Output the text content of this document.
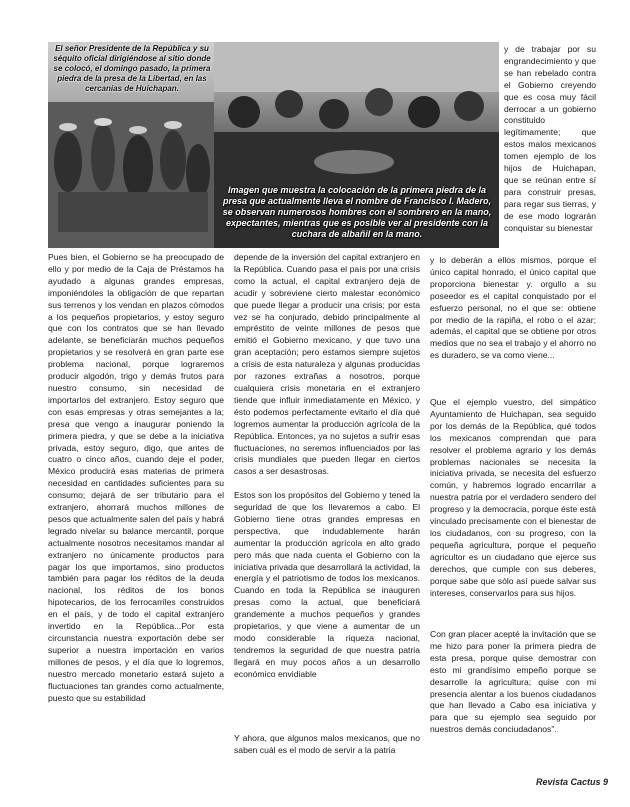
El señor Presidente de la República y su séquito oficial dirigiéndose al sitio donde se colocó, el domingo pasado, la primera piedra de la presa de la Libertad, en las cercanías de Huichapan.
Imagen que muestra la colocación de la primera piedra de la presa que actualmente lleva el nombre de Francisco I. Madero, se observan numerosos hombres con el sombrero en la mano, expectantes, mientras que es posible ver al presidente con la cuchara de albañil en la mano.

Pues bien, el Gobierno se ha preocupado de ello y por medio de la Caja de Préstamos ha ayudado a algunas grandes empresas, imponiéndoles la obligación de que repartan sus terrenos y los vendan en plazos cómodos a los pequeños propietarios, y estoy seguro que con los contratos que se han llevado adelante, se beneficiarán muchos pequeños propietarios y se resolverá en gran parte ese problema nacional, porque lograremos producir algodón, trigo y demás frutos para nuestro consumo, sin necesidad de importarlos del extranjero. Estoy seguro que con esas empresas y otras semejantes a la; presa que vengo a inaugurar poniendo la primera piedra, y que se debe a la iniciativa privada, estoy seguro, digo, que antes de cuatro o cinco años, cuando deje el poder, México producirá esas materias de primera necesidad en cantidades suficientes para su consumo; dejará de ser tributario para el extranjero, ahorrará muchos millones de pesos que actualmente salen del país y habrá legrado nivelar su balance mercantil, porque actualmente nosotros necesitamos mandar al extranjero no únicamente productos para pagar los que importamos, sino productos también para pagar los réditos de la deuda nacional, los réditos de los bonos hipotecarios, de los ferrocarriles construidos en el país, y de todo el capital extranjero invertido en la República...Por esta circunstancia nuestra exportación debe ser superior a nuestra importación en varios millones de pesos, y el día que lo logremos, nuestro mercado monetario estará sujeto a fluctuaciones tan grandes como actualmente, puesto que su estabilidad

depende de la inversión del capital extranjero en la República. Cuando pasa el país por una crisis como la actual, el capital extranjero deja de acudir y sobreviene cierto malestar económico que puede llegar a producir una crisis; por esta vez se ha conjurado, debido principalmente al empréstito de veinte millones de pesos que emitió el Gobierno mexicano, y que tuvo una gran aceptación; pero estamos siempre sujetos a crisis de esta naturaleza y algunas producidas por razones extrañas a nosotros, porque cualquiera crisis monetaria en el extranjero tiende que influir inmediatamente en México, y ésto podemos perfectamente evitarlo el día qué logremos aumentar la producción agrícola de la República. Entonces, ya no sujetos a sufrir esas fluctuaciones, no seremos influenciados por las crisis mundiales que pueden llegar en ciertos casos a ser desastrosas.

Estos son los propósitos del Gobierno y tened la seguridad de que los llevaremos a cabo. El Gobierno tiene otras grandes empresas en perspectiva, que indudablemente harán aumentar la producción agrícola en alto grado pero más que nada cuenta el Gobierno con la iniciativa privada que desarrollará la actividad, la energía y el patriotismo de todos los mexicanos. Cuando en toda la República se inauguren presas como la actual, que beneficiará grandemente a muchos pequeños y grandes propietarios, y que viene a aumentar de un modo considerable la riqueza nacional, tendremos la seguridad de que nuestra patria llegará en muy pocos años a un desarrollo económico envidiable

Y ahora, que algunos malos mexicanos, que no saben cuál es el modo de servir a la patria

y de trabajar por su engrandecimiento y que se han rebelado contra el Gobierno creyendo que es cosa muy fácil derrocar a un gobierno constituido legítimamente; que estos malos mexicanos tomen ejemplo de los hijos de Huichapan, que se reúnan entre sí para construir presas, para regar sus tierras, y de ese modo lograrán conquistar su bienestar

y lo deberán a ellos mismos, porque el único capital honrado, el único capital que proporciona bienestar y. orgullo a su poseedor es el capital conquistado por el esfuerzo personal, no el que se: obtiene por medio de la rapiña, el robo o el azar; además, el capital que se obtiene por otros medios que no sea el trabajo y el ahorro no es duradero, se va como viene...

Que el ejemplo vuestro, del simpático Ayuntamiento de Huichapan, sea seguido por los demás de la República, qué todos los mexicanos comprendan que para resolver el problema agrario y los demás problemas nacionales se necesita la iniciativa privada, se necesita del esfuerzo común, y habremos logrado encarrilar a nuestra patria por el verdadero sendero del progreso y la democracia, porque éste está vinculado precisamente con el bienestar de los ciudadanos, con su progreso, con la pequeña agricultura, porque el pequeño agricultor es un ciudadano que ejerce sus derechos, que cumple con sus deberes, porque sabe que sólo así puede salvar sus intereses, conservarlos para sus hijos.

Con gran placer acepté la invitación que se me hizo para poner la primera piedra de esta presa, porque quise demostrar con esto mi grandísimo empeño porque se desarrolle la agricultura; quise con mi presencia alentar a los buenos ciudadanos que han llevado a Cabo esa iniciativa y para que su ejemplo sea seguido por nuestros demás conciudadanos".

Revista Cactus 9
